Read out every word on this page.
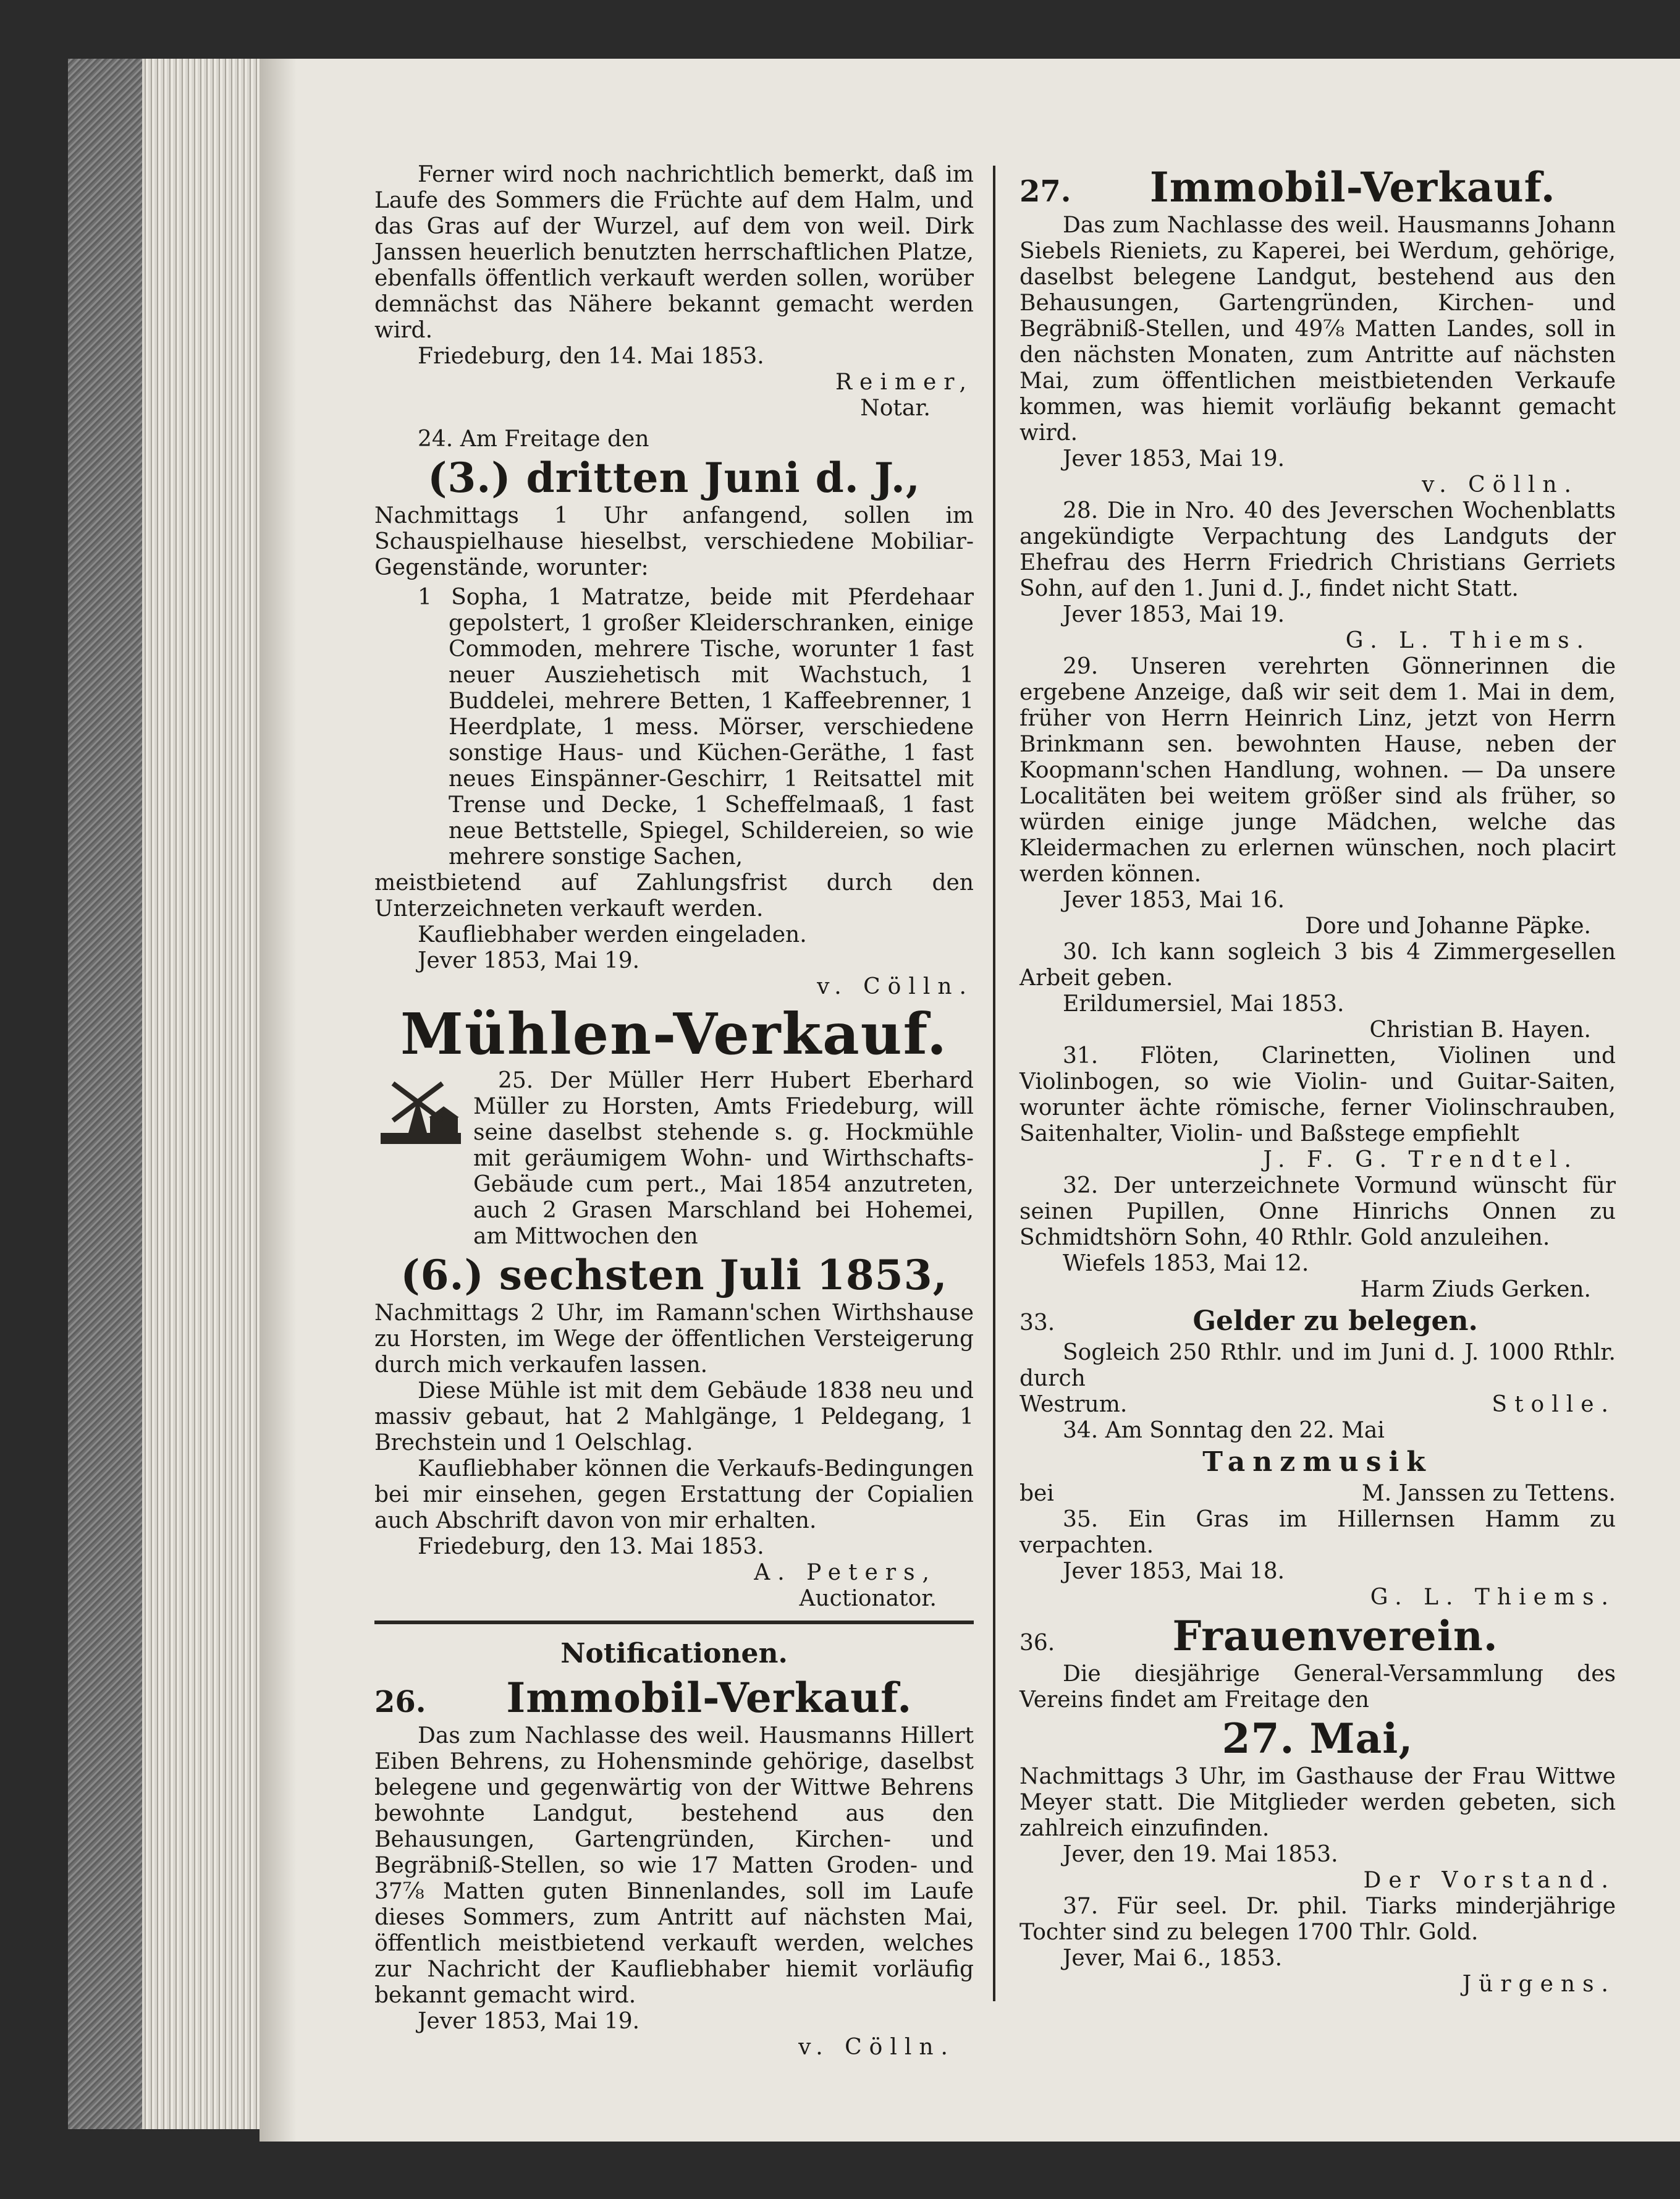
Ferner wird noch nachrichtlich bemerkt, daß im Laufe des Sommers die Früchte auf dem Halm, und das Gras auf der Wurzel, auf dem von weil. Dirk Janssen heuerlich benutzten herrschaftlichen Platze, ebenfalls öffentlich verkauft werden sollen, worüber demnächst das Nähere bekannt gemacht werden wird.

Friedeburg, den 14. Mai 1853.

Reimer,

Notar.

24. Am Freitage den

(3.) dritten Juni d. J.,

Nachmittags 1 Uhr anfangend, sollen im Schauspielhause hieselbst, verschiedene Mobiliar-Gegenstände, worunter:

1 Sopha, 1 Matratze, beide mit Pferdehaar gepolstert, 1 großer Kleiderschranken, einige Commoden, mehrere Tische, worunter 1 fast neuer Ausziehetisch mit Wachstuch, 1 Buddelei, mehrere Betten, 1 Kaffeebrenner, 1 Heerdplate, 1 mess. Mörser, verschiedene sonstige Haus- und Küchen-Geräthe, 1 fast neues Einspänner-Geschirr, 1 Reitsattel mit Trense und Decke, 1 Scheffelmaaß, 1 fast neue Bettstelle, Spiegel, Schildereien, so wie mehrere sonstige Sachen,

meistbietend auf Zahlungsfrist durch den Unterzeichneten verkauft werden.

Kaufliebhaber werden eingeladen.

Jever 1853, Mai 19.

v. Cölln.

Mühlen-Verkauf.

25. Der Müller Herr Hubert Eberhard Müller zu Horsten, Amts Friedeburg, will seine daselbst stehende s. g. Hockmühle mit geräumigem Wohn- und Wirthschafts-Gebäude cum pert., Mai 1854 anzutreten, auch 2 Grasen Marschland bei Hohemei, am Mittwochen den

(6.) sechsten Juli 1853,

Nachmittags 2 Uhr, im Ramann'schen Wirthshause zu Horsten, im Wege der öffentlichen Versteigerung durch mich verkaufen lassen.

Diese Mühle ist mit dem Gebäude 1838 neu und massiv gebaut, hat 2 Mahlgänge, 1 Peldegang, 1 Brechstein und 1 Oelschlag.

Kaufliebhaber können die Verkaufs-Bedingungen bei mir einsehen, gegen Erstattung der Copialien auch Abschrift davon von mir erhalten.

Friedeburg, den 13. Mai 1853.

A. Peters,

Auctionator.

Notificationen.

26.	Immobil-Verkauf.

Das zum Nachlasse des weil. Hausmanns Hillert Eiben Behrens, zu Hohensminde gehörige, daselbst belegene und gegenwärtig von der Wittwe Behrens bewohnte Landgut, bestehend aus den Behausungen, Gartengründen, Kirchen- und Begräbniß-Stellen, so wie 17 Matten Groden- und 37⅞ Matten guten Binnenlandes, soll im Laufe dieses Sommers, zum Antritt auf nächsten Mai, öffentlich meistbietend verkauft werden, welches zur Nachricht der Kaufliebhaber hiemit vorläufig bekannt gemacht wird.

Jever 1853, Mai 19.

v. Cölln.

27.	Immobil-Verkauf.

Das zum Nachlasse des weil. Hausmanns Johann Siebels Rieniets, zu Kaperei, bei Werdum, gehörige, daselbst belegene Landgut, bestehend aus den Behausungen, Gartengründen, Kirchen- und Begräbniß-Stellen, und 49⅞ Matten Landes, soll in den nächsten Monaten, zum Antritte auf nächsten Mai, zum öffentlichen meistbietenden Verkaufe kommen, was hiemit vorläufig bekannt gemacht wird.

Jever 1853, Mai 19.

v. Cölln.

28. Die in Nro. 40 des Jeverschen Wochenblatts angekündigte Verpachtung des Landguts der Ehefrau des Herrn Friedrich Christians Gerriets Sohn, auf den 1. Juni d. J., findet nicht Statt.

Jever 1853, Mai 19.

G. L. Thiems.

29. Unseren verehrten Gönnerinnen die ergebene Anzeige, daß wir seit dem 1. Mai in dem, früher von Herrn Heinrich Linz, jetzt von Herrn Brinkmann sen. bewohnten Hause, neben der Koopmann'schen Handlung, wohnen. — Da unsere Localitäten bei weitem größer sind als früher, so würden einige junge Mädchen, welche das Kleidermachen zu erlernen wünschen, noch placirt werden können.

Jever 1853, Mai 16.

Dore und Johanne Päpke.

30. Ich kann sogleich 3 bis 4 Zimmergesellen Arbeit geben.

Erildumersiel, Mai 1853.

Christian B. Hayen.

31. Flöten, Clarinetten, Violinen und Violinbogen, so wie Violin- und Guitar-Saiten, worunter ächte römische, ferner Violinschrauben, Saitenhalter, Violin- und Baßstege empfiehlt

J. F. G. Trendtel.

32. Der unterzeichnete Vormund wünscht für seinen Pupillen, Onne Hinrichs Onnen zu Schmidtshörn Sohn, 40 Rthlr. Gold anzuleihen.

Wiefels 1853, Mai 12.

Harm Ziuds Gerken.

33.	Gelder zu belegen.

Sogleich 250 Rthlr. und im Juni d. J. 1000 Rthlr. durch

Westrum.	Stolle.

34. Am Sonntag den 22. Mai

Tanzmusik

bei	M. Janssen zu Tettens.

35. Ein Gras im Hillernsen Hamm zu verpachten.

Jever 1853, Mai 18.

G. L. Thiems.

36.	Frauenverein.

Die diesjährige General-Versammlung des Vereins findet am Freitage den

27. Mai,

Nachmittags 3 Uhr, im Gasthause der Frau Wittwe Meyer statt. Die Mitglieder werden gebeten, sich zahlreich einzufinden.

Jever, den 19. Mai 1853.

Der Vorstand.

37. Für seel. Dr. phil. Tiarks minderjährige Tochter sind zu belegen 1700 Thlr. Gold.

Jever, Mai 6., 1853.

Jürgens.
